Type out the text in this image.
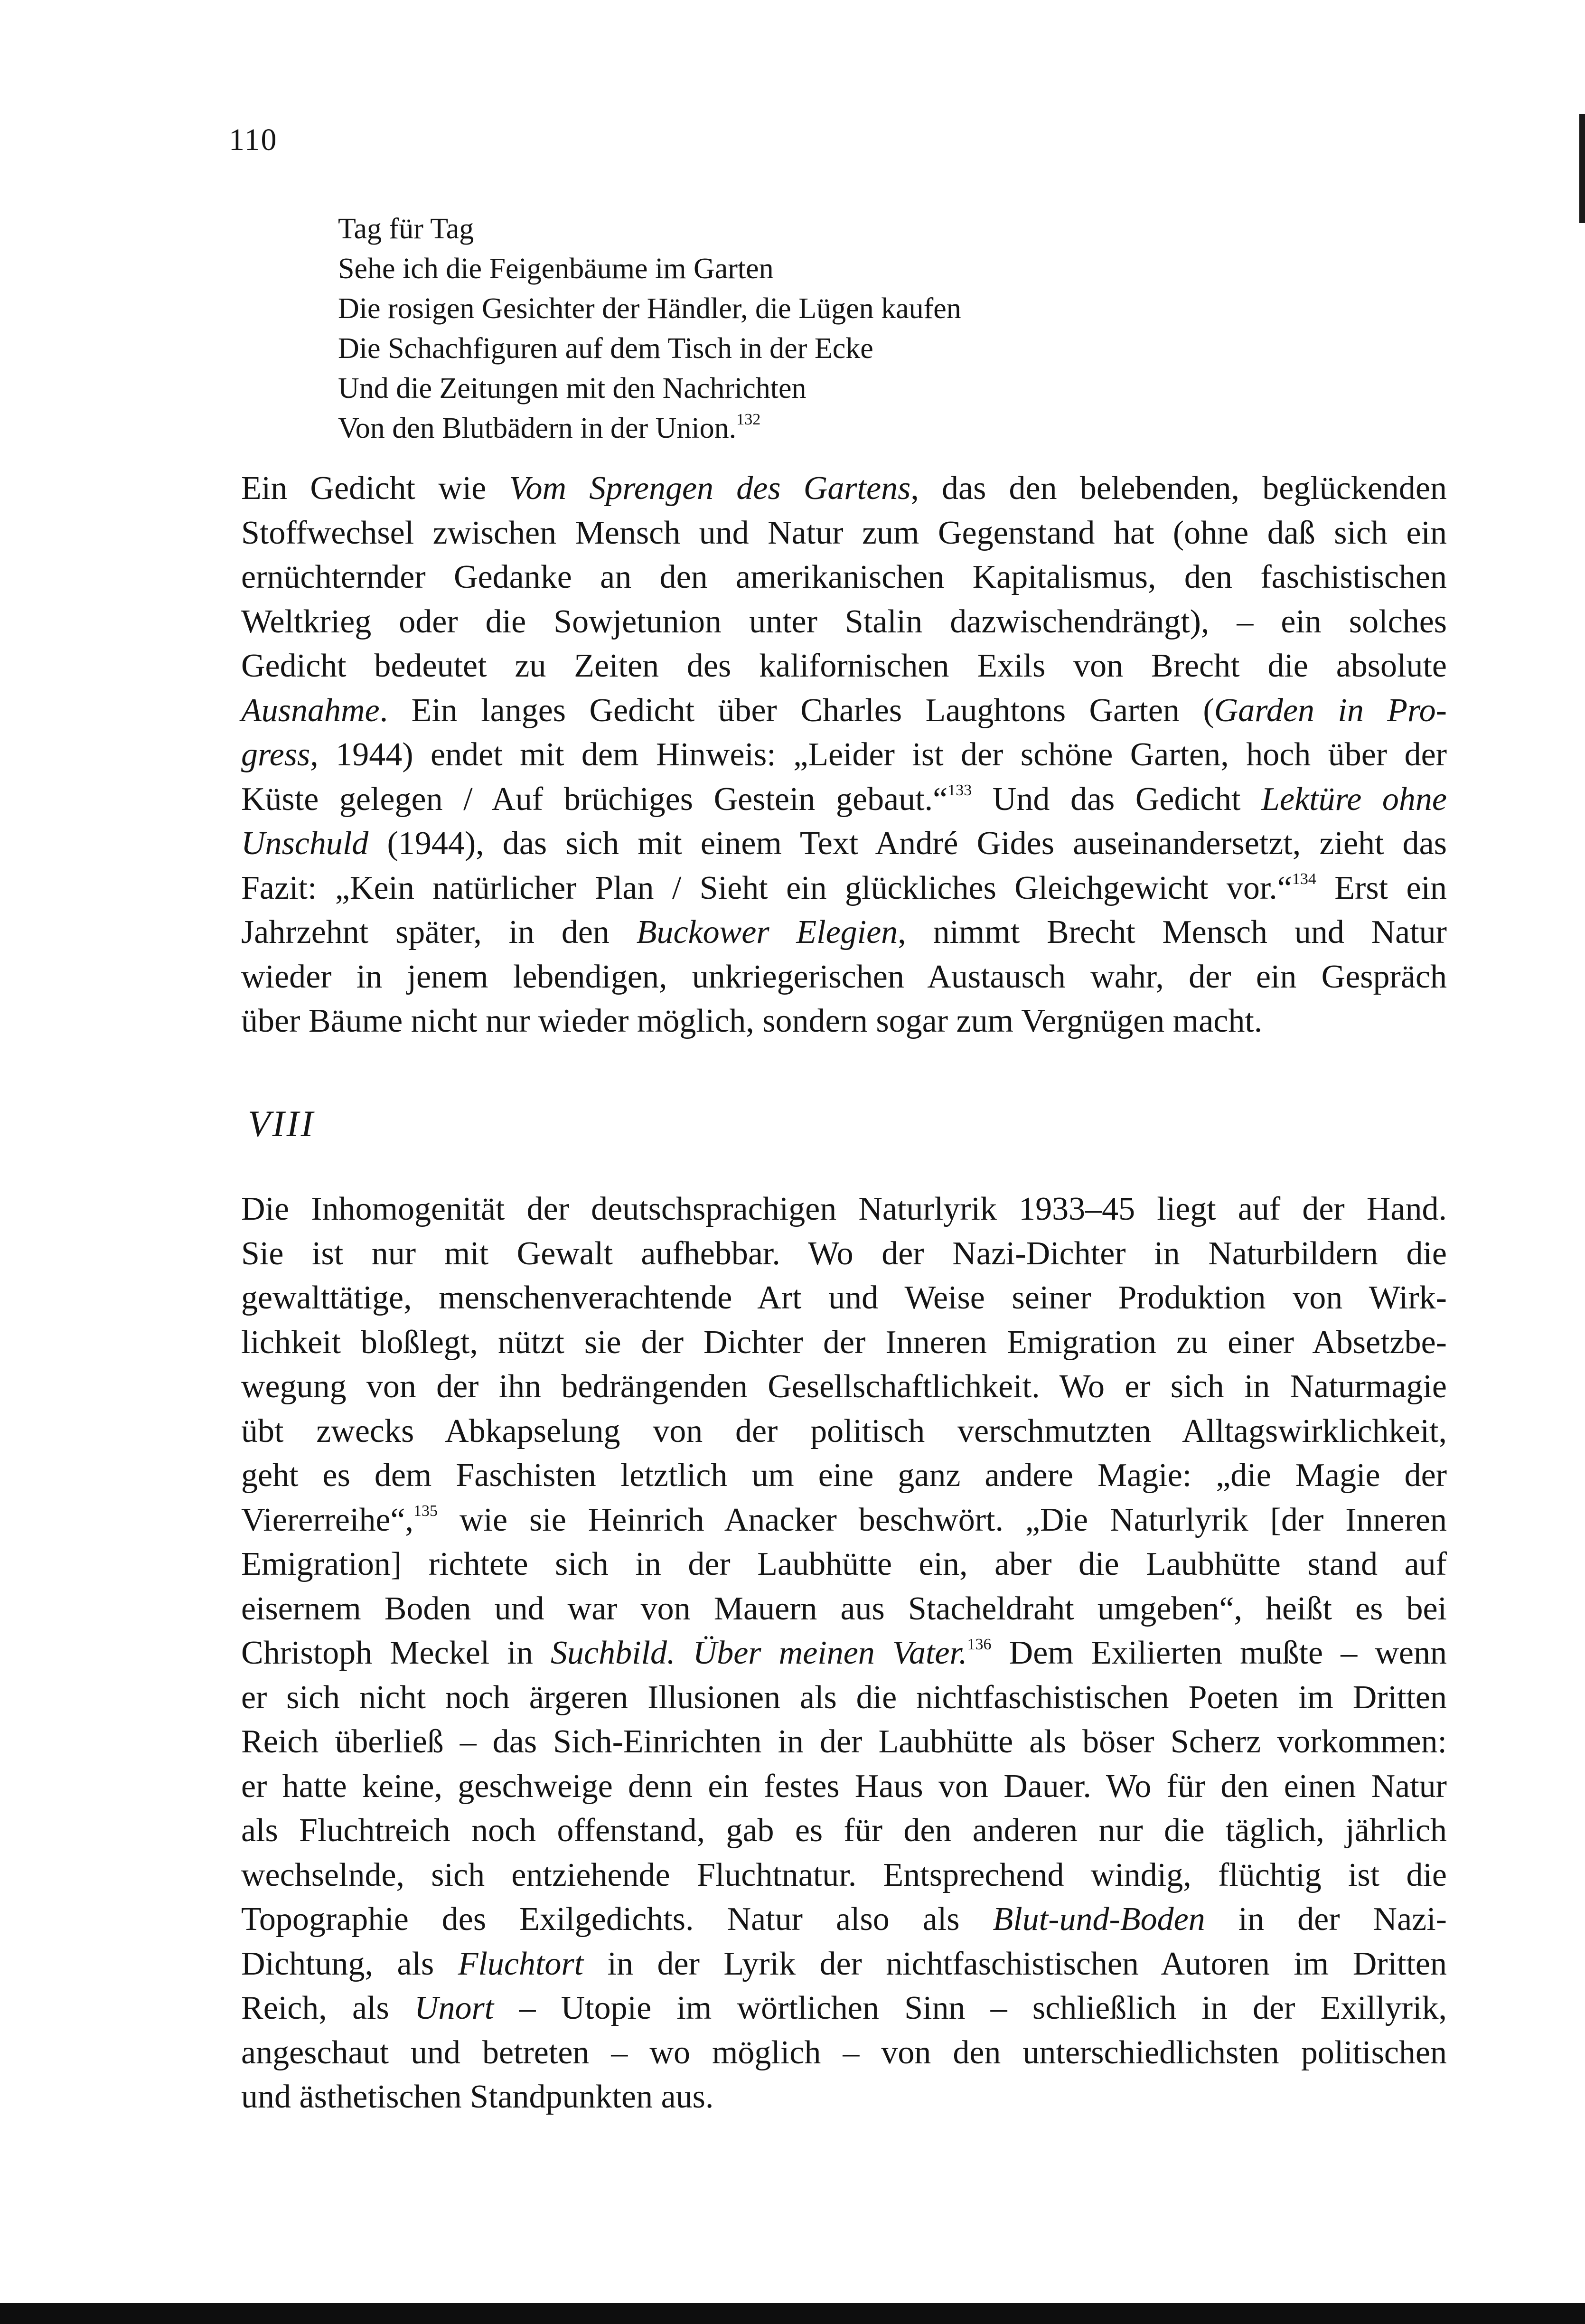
110
Tag für Tag
Sehe ich die Feigenbäume im Garten
Die rosigen Gesichter der Händler, die Lügen kaufen
Die Schachfiguren auf dem Tisch in der Ecke
Und die Zeitungen mit den Nachrichten
Von den Blutbädern in der Union.$^{132}$
Ein Gedicht wie Vom Sprengen des Gartens, das den belebenden, beglückenden
Stoffwechsel zwischen Mensch und Natur zum Gegenstand hat (ohne daß sich ein
ernüchternder Gedanke an den amerikanischen Kapitalismus, den faschistischen
Weltkrieg oder die Sowjetunion unter Stalin dazwischendrängt), – ein solches
Gedicht bedeutet zu Zeiten des kalifornischen Exils von Brecht die absolute
Ausnahme. Ein langes Gedicht über Charles Laughtons Garten (Garden in Pro-
gress, 1944) endet mit dem Hinweis: „Leider ist der schöne Garten, hoch über der
Küste gelegen / Auf brüchiges Gestein gebaut.“$^{133}$ Und das Gedicht Lektüre ohne
Unschuld (1944), das sich mit einem Text André Gides auseinandersetzt, zieht das
Fazit: „Kein natürlicher Plan / Sieht ein glückliches Gleichgewicht vor.“$^{134}$ Erst ein
Jahrzehnt später, in den Buckower Elegien, nimmt Brecht Mensch und Natur
wieder in jenem lebendigen, unkriegerischen Austausch wahr, der ein Gespräch
über Bäume nicht nur wieder möglich, sondern sogar zum Vergnügen macht.
VIII
Die Inhomogenität der deutschsprachigen Naturlyrik 1933–45 liegt auf der Hand.
Sie ist nur mit Gewalt aufhebbar. Wo der Nazi-Dichter in Naturbildern die
gewalttätige, menschenverachtende Art und Weise seiner Produktion von Wirk-
lichkeit bloßlegt, nützt sie der Dichter der Inneren Emigration zu einer Absetzbe-
wegung von der ihn bedrängenden Gesellschaftlichkeit. Wo er sich in Naturmagie
übt zwecks Abkapselung von der politisch verschmutzten Alltagswirklichkeit,
geht es dem Faschisten letztlich um eine ganz andere Magie: „die Magie der
Viererreihe“,$^{135}$ wie sie Heinrich Anacker beschwört. „Die Naturlyrik [der Inneren
Emigration] richtete sich in der Laubhütte ein, aber die Laubhütte stand auf
eisernem Boden und war von Mauern aus Stacheldraht umgeben“, heißt es bei
Christoph Meckel in Suchbild. Über meinen Vater.$^{136}$ Dem Exilierten mußte – wenn
er sich nicht noch ärgeren Illusionen als die nichtfaschistischen Poeten im Dritten
Reich überließ – das Sich-Einrichten in der Laubhütte als böser Scherz vorkommen:
er hatte keine, geschweige denn ein festes Haus von Dauer. Wo für den einen Natur
als Fluchtreich noch offenstand, gab es für den anderen nur die täglich, jährlich
wechselnde, sich entziehende Fluchtnatur. Entsprechend windig, flüchtig ist die
Topographie des Exilgedichts. Natur also als Blut-und-Boden in der Nazi-
Dichtung, als Fluchtort in der Lyrik der nichtfaschistischen Autoren im Dritten
Reich, als Unort – Utopie im wörtlichen Sinn – schließlich in der Exillyrik,
angeschaut und betreten – wo möglich – von den unterschiedlichsten politischen
und ästhetischen Standpunkten aus.
